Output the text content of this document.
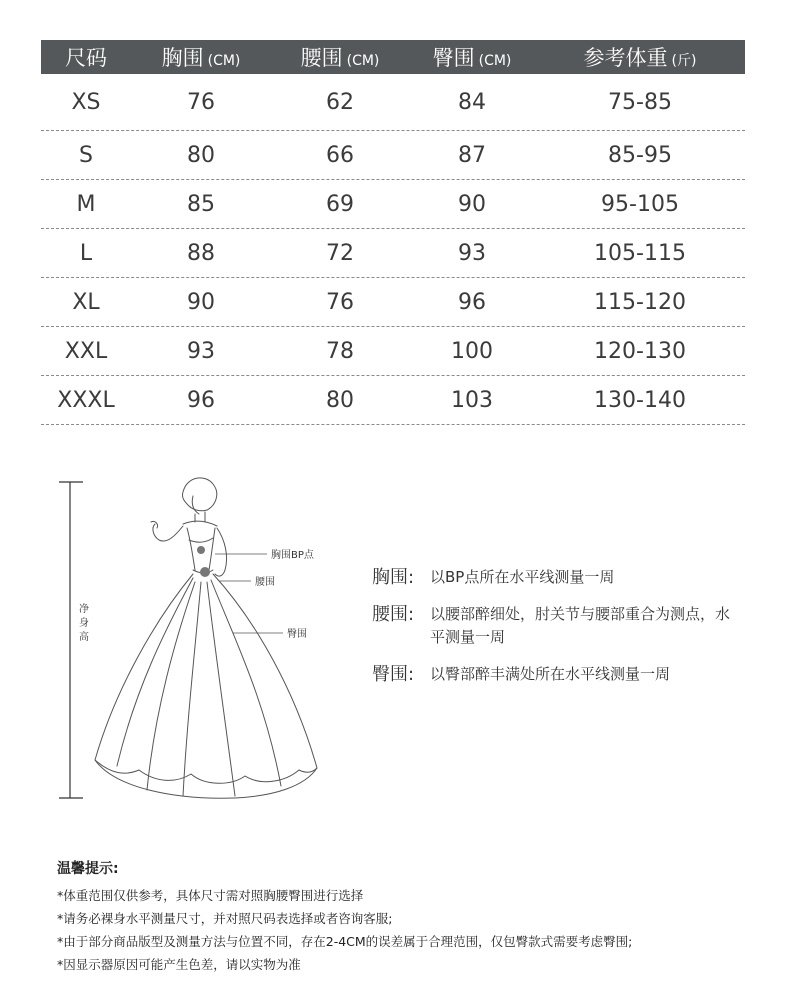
尺码	胸围 (CM)	腰围 (CM)	臀围 (CM)	参考体重 (斤)
XS	76	62	84	75-85
S	80	66	87	85-95
M	85	69	90	95-105
L	88	72	93	105-115
XL	90	76	96	115-120
XXL	93	78	100	120-130
XXXL	96	80	103	130-140
净
身
高
胸围BP点
腰围
臀围
胸围:	以BP点所在水平线测量一周
腰围:	以腰部醉细处，肘关节与腰部重合为测点，水平测量一周
臀围:	以臀部醉丰满处所在水平线测量一周
温馨提示:
*体重范围仅供参考，具体尺寸需对照胸腰臀围进行选择
*请务必裸身水平测量尺寸，并对照尺码表选择或者咨询客服;
*由于部分商品版型及测量方法与位置不同，存在2-4CM的误差属于合理范围，仅包臀款式需要考虑臀围;
*因显示器原因可能产生色差，请以实物为准
